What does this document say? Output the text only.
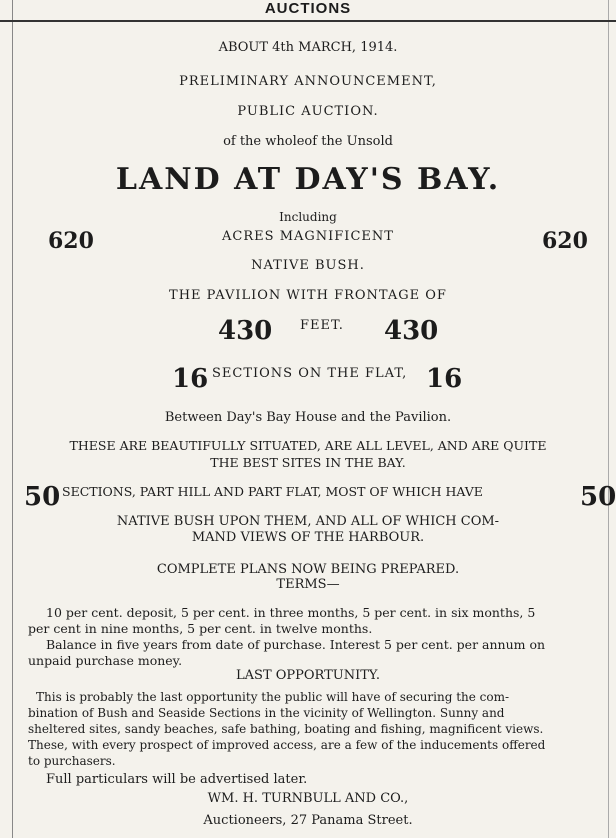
AUCTIONS
ABOUT 4th MARCH, 1914.
PRELIMINARY ANNOUNCEMENT,
PUBLIC AUCTION.
of the wholeof the Unsold
LAND AT DAY'S BAY.
Including
620	ACRES MAGNIFICENT	620
NATIVE BUSH.
THE PAVILION WITH FRONTAGE OF
430 FEET. 430
16 SECTIONS ON THE FLAT, 16
Between Day's Bay House and the Pavilion.
THESE ARE BEAUTIFULLY SITUATED, ARE ALL LEVEL, AND ARE QUITE
THE BEST SITES IN THE BAY.
50 SECTIONS, PART HILL AND PART FLAT, MOST OF WHICH HAVE	50
NATIVE BUSH UPON THEM, AND ALL OF WHICH COM-
MAND VIEWS OF THE HARBOUR.
COMPLETE PLANS NOW BEING PREPARED.
TERMS—
10 per cent. deposit, 5 per cent. in three months, 5 per cent. in six months, 5
per cent in nine months, 5 per cent. in twelve months.
Balance in five years from date of purchase. Interest 5 per cent. per annum on
unpaid purchase money.
LAST OPPORTUNITY.
This is probably the last opportunity the public will have of securing the com-
bination of Bush and Seaside Sections in the vicinity of Wellington. Sunny and
sheltered sites, sandy beaches, safe bathing, boating and fishing, magnificent views.
These, with every prospect of improved access, are a few of the inducements offered
to purchasers.
Full particulars will be advertised later.
WM. H. TURNBULL AND CO.,
Auctioneers, 27 Panama Street.
